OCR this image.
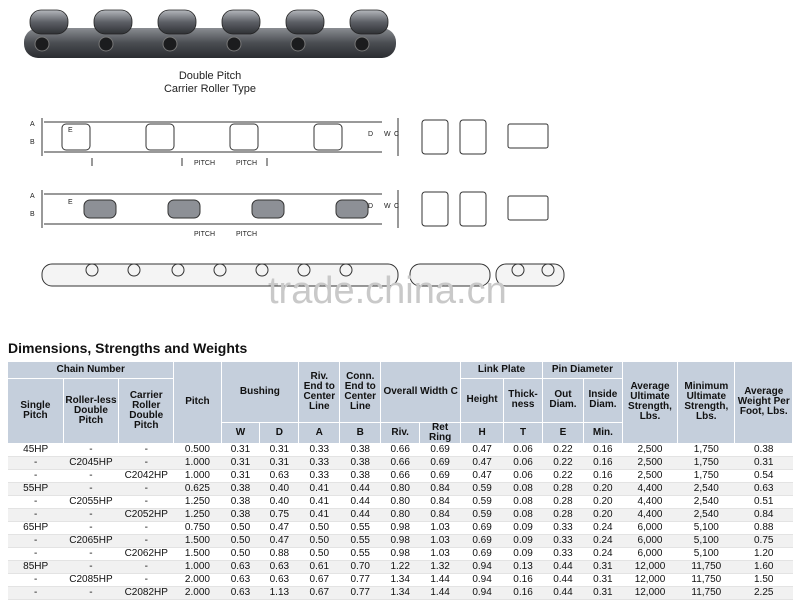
Double Pitch
Carrier Roller Type
A
B
E
D W C
PITCH	PITCH
A
B
E
D W C
PITCH	PITCH
trade.china.cn
Dimensions, Strengths and Weights
Chain Number			Pitch	Bushing		Riv. End to Center Line	Conn. End to Center Line	Overall Width C		Link Plate		Pin Diameter		Average Ultimate Strength, Lbs.	Minimum Ultimate Strength, Lbs.	Average Weight Per Foot, Lbs.
Single Pitch	Roller-less Double Pitch	Carrier Roller Double Pitch								Height	Thick-ness	Out Diam.	Inside Diam.			
				W	D	A	B	Riv.	Ret Ring	H	T	E	Min.			
45HP	-	-	0.500	0.31	0.31	0.33	0.38	0.66	0.69	0.47	0.06	0.22	0.16	2,500	1,750	0.38
-	C2045HP	-	1.000	0.31	0.31	0.33	0.38	0.66	0.69	0.47	0.06	0.22	0.16	2,500	1,750	0.31
-	-	C2042HP	1.000	0.31	0.63	0.33	0.38	0.66	0.69	0.47	0.06	0.22	0.16	2,500	1,750	0.54
55HP	-	-	0.625	0.38	0.40	0.41	0.44	0.80	0.84	0.59	0.08	0.28	0.20	4,400	2,540	0.63
-	C2055HP	-	1.250	0.38	0.40	0.41	0.44	0.80	0.84	0.59	0.08	0.28	0.20	4,400	2,540	0.51
-	-	C2052HP	1.250	0.38	0.75	0.41	0.44	0.80	0.84	0.59	0.08	0.28	0.20	4,400	2,540	0.84
65HP	-	-	0.750	0.50	0.47	0.50	0.55	0.98	1.03	0.69	0.09	0.33	0.24	6,000	5,100	0.88
-	C2065HP	-	1.500	0.50	0.47	0.50	0.55	0.98	1.03	0.69	0.09	0.33	0.24	6,000	5,100	0.75
-	-	C2062HP	1.500	0.50	0.88	0.50	0.55	0.98	1.03	0.69	0.09	0.33	0.24	6,000	5,100	1.20
85HP	-	-	1.000	0.63	0.63	0.61	0.70	1.22	1.32	0.94	0.13	0.44	0.31	12,000	11,750	1.60
-	C2085HP	-	2.000	0.63	0.63	0.67	0.77	1.34	1.44	0.94	0.16	0.44	0.31	12,000	11,750	1.50
-	-	C2082HP	2.000	0.63	1.13	0.67	0.77	1.34	1.44	0.94	0.16	0.44	0.31	12,000	11,750	2.25
